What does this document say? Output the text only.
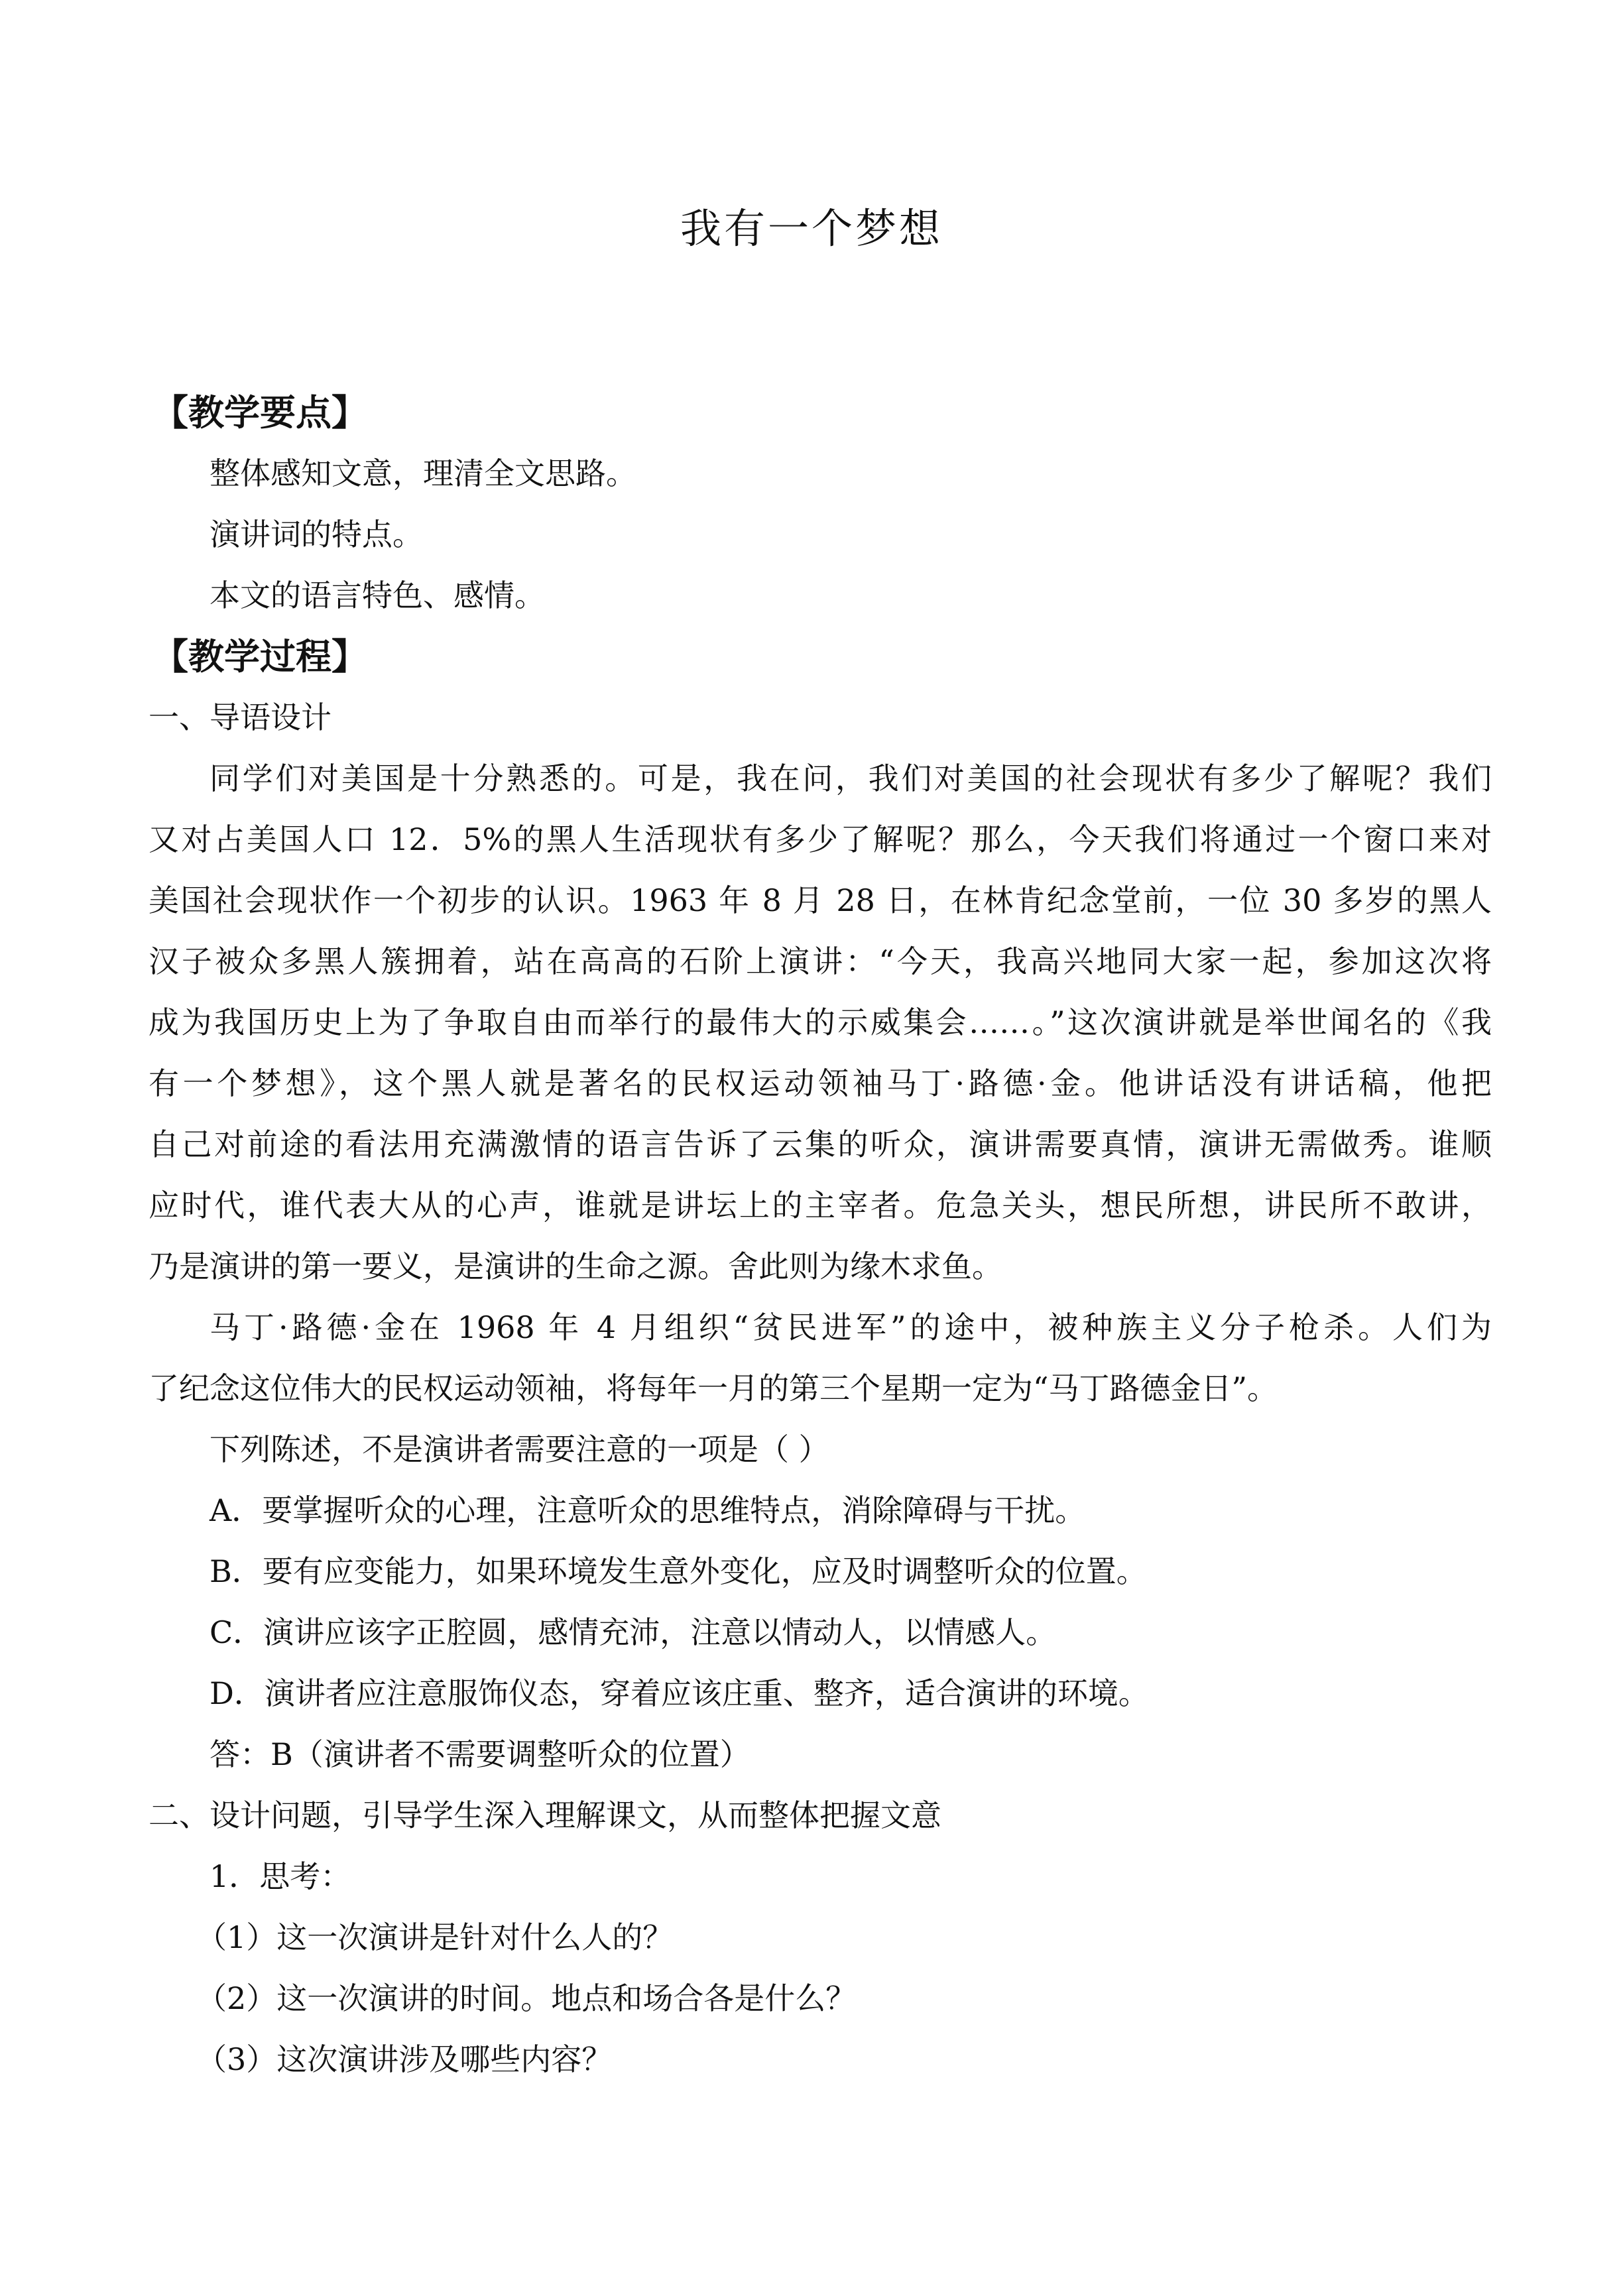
我有一个梦想
【教学要点】
整体感知文意，理清全文思路。
演讲词的特点。
本文的语言特色、感情。
【教学过程】
一、导语设计
同学们对美国是十分熟悉的。可是，我在问，我们对美国的社会现状有多少了解呢？我们
又对占美国人口 12．5%的黑人生活现状有多少了解呢？那么，今天我们将通过一个窗口来对
美国社会现状作一个初步的认识。1963 年 8 月 28 日，在林肯纪念堂前，一位 30 多岁的黑人
汉子被众多黑人簇拥着，站在高高的石阶上演讲：“今天，我高兴地同大家一起，参加这次将
成为我国历史上为了争取自由而举行的最伟大的示威集会……。”这次演讲就是举世闻名的《我
有一个梦想》，这个黑人就是著名的民权运动领袖马丁·路德·金。他讲话没有讲话稿，他把
自己对前途的看法用充满激情的语言告诉了云集的听众，演讲需要真情，演讲无需做秀。谁顺
应时代，谁代表大从的心声，谁就是讲坛上的主宰者。危急关头，想民所想，讲民所不敢讲，
乃是演讲的第一要义，是演讲的生命之源。舍此则为缘木求鱼。
马丁·路德·金在 1968 年 4 月组织“贫民进军”的途中，被种族主义分子枪杀。人们为
了纪念这位伟大的民权运动领袖，将每年一月的第三个星期一定为“马丁路德金日”。
下列陈述，不是演讲者需要注意的一项是（ ）
A．要掌握听众的心理，注意听众的思维特点，消除障碍与干扰。
B．要有应变能力，如果环境发生意外变化，应及时调整听众的位置。
C．演讲应该字正腔圆，感情充沛，注意以情动人，以情感人。
D．演讲者应注意服饰仪态，穿着应该庄重、整齐，适合演讲的环境。
答：B（演讲者不需要调整听众的位置）
二、设计问题，引导学生深入理解课文，从而整体把握文意
1．思考：
（1）这一次演讲是针对什么人的？
（2）这一次演讲的时间。地点和场合各是什么？
（3）这次演讲涉及哪些内容？
